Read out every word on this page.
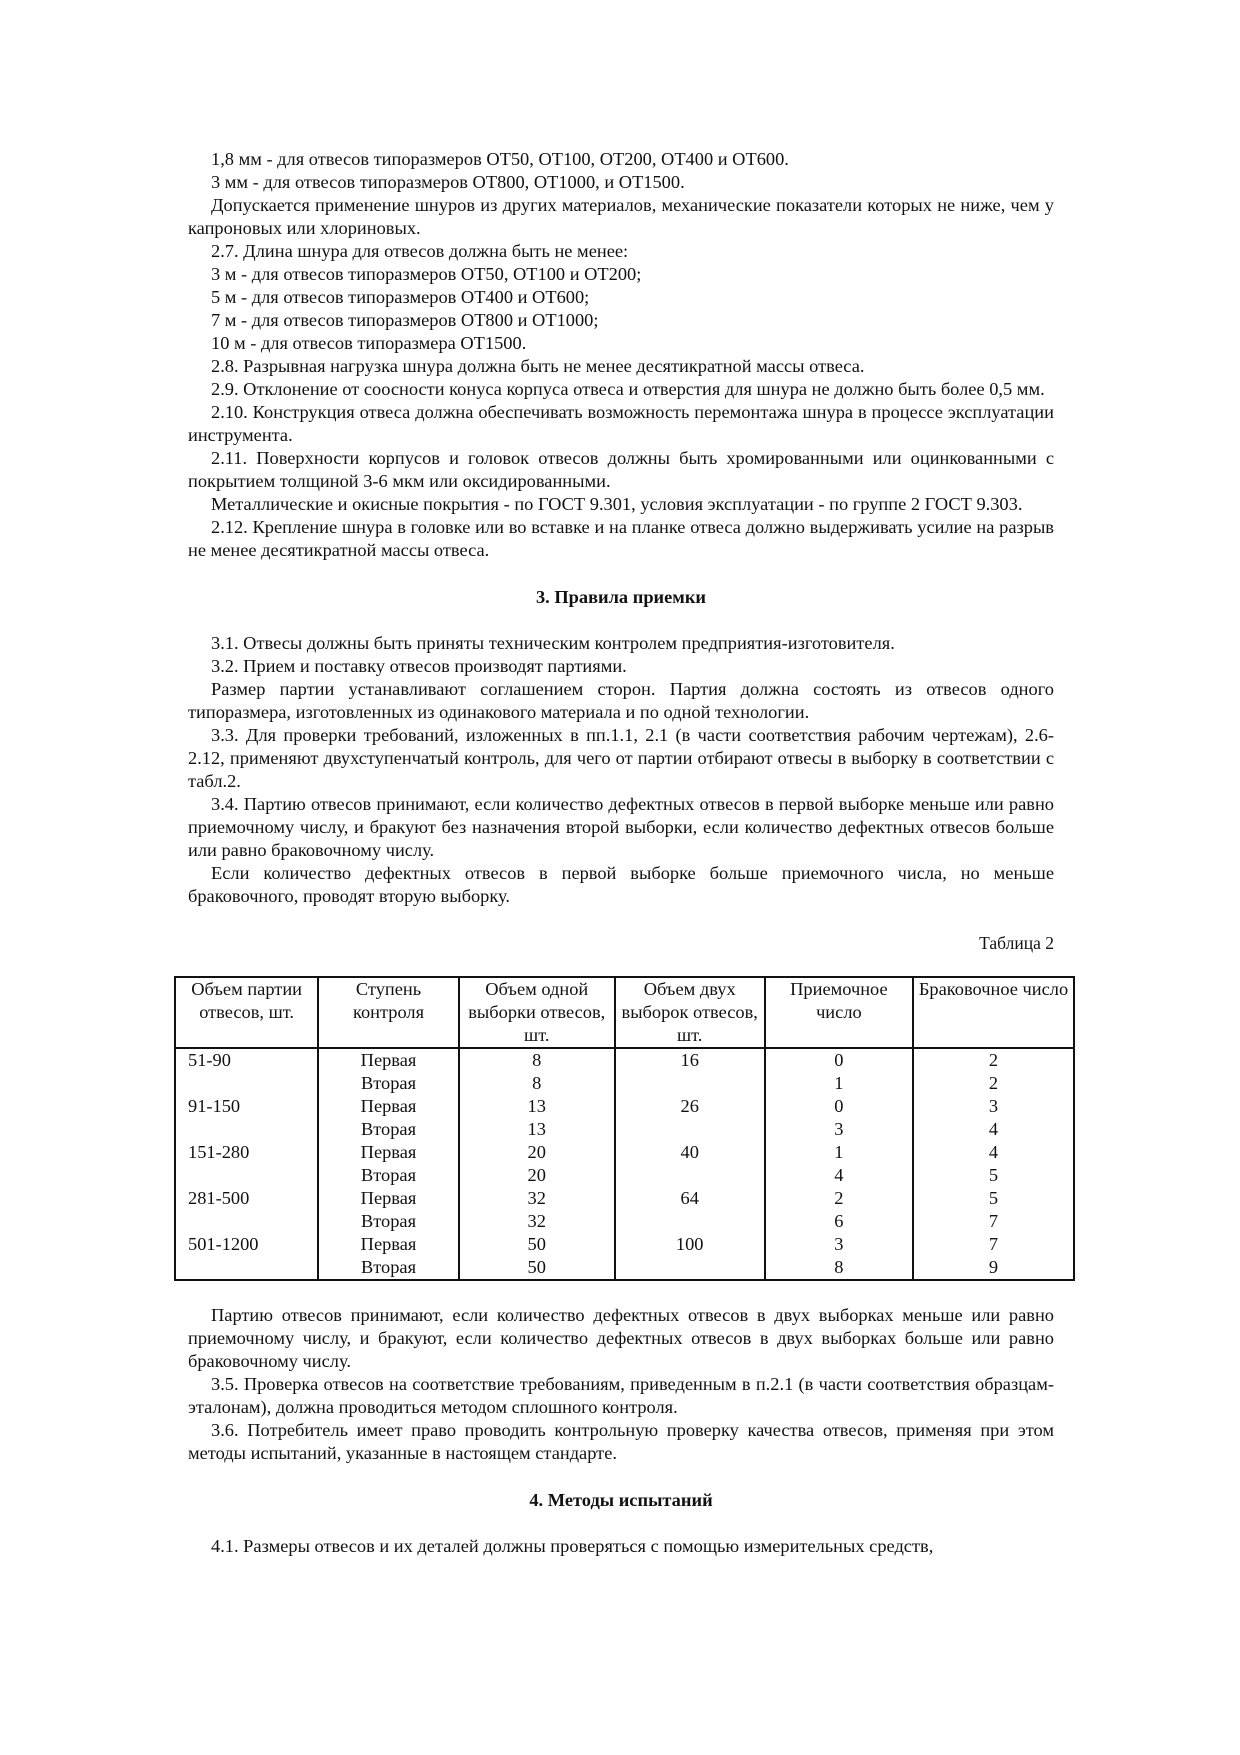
1,8 мм - для отвесов типоразмеров ОТ50, ОТ100, ОТ200, ОТ400 и ОТ600.

3 мм - для отвесов типоразмеров ОТ800, ОТ1000, и ОТ1500.

Допускается применение шнуров из других материалов, механические показатели которых не ниже, чем у капроновых или хлориновых.

2.7. Длина шнура для отвесов должна быть не менее:

3 м - для отвесов типоразмеров ОТ50, ОТ100 и ОТ200;

5 м - для отвесов типоразмеров ОТ400 и ОТ600;

7 м - для отвесов типоразмеров ОТ800 и ОТ1000;

10 м - для отвесов типоразмера ОТ1500.

2.8. Разрывная нагрузка шнура должна быть не менее десятикратной массы отвеса.

2.9. Отклонение от соосности конуса корпуса отвеса и отверстия для шнура не должно быть более 0,5 мм.

2.10. Конструкция отвеса должна обеспечивать возможность перемонтажа шнура в процессе эксплуатации инструмента.

2.11. Поверхности корпусов и головок отвесов должны быть хромированными или оцинкованными с покрытием толщиной 3-6 мкм или оксидированными.

Металлические и окисные покрытия - по ГОСТ 9.301, условия эксплуатации - по группе 2 ГОСТ 9.303.

2.12. Крепление шнура в головке или во вставке и на планке отвеса должно выдерживать усилие на разрыв не менее десятикратной массы отвеса.

3. Правила приемки

3.1. Отвесы должны быть приняты техническим контролем предприятия-изготовителя.

3.2. Прием и поставку отвесов производят партиями.

Размер партии устанавливают соглашением сторон. Партия должна состоять из отвесов одного типоразмера, изготовленных из одинакового материала и по одной технологии.

3.3. Для проверки требований, изложенных в пп.1.1, 2.1 (в части соответствия рабочим чертежам), 2.6-2.12, применяют двухступенчатый контроль, для чего от партии отбирают отвесы в выборку в соответствии с табл.2.

3.4. Партию отвесов принимают, если количество дефектных отвесов в первой выборке меньше или равно приемочному числу, и бракуют без назначения второй выборки, если количество дефектных отвесов больше или равно браковочному числу.

Если количество дефектных отвесов в первой выборке больше приемочного числа, но меньше браковочного, проводят вторую выборку.

Таблица 2
Объем партии отвесов, шт.	Ступень контроля	Объем одной выборки отвесов, шт.	Объем двух выборок отвесов, шт.	Приемочное число	Браковочное число
51-90	Первая	8	16	0	2
	Вторая	8		1	2
91-150	Первая	13	26	0	3
	Вторая	13		3	4
151-280	Первая	20	40	1	4
	Вторая	20		4	5
281-500	Первая	32	64	2	5
	Вторая	32		6	7
501-1200	Первая	50	100	3	7
	Вторая	50		8	9

Партию отвесов принимают, если количество дефектных отвесов в двух выборках меньше или равно приемочному числу, и бракуют, если количество дефектных отвесов в двух выборках больше или равно браковочному числу.

3.5. Проверка отвесов на соответствие требованиям, приведенным в п.2.1 (в части соответствия образцам-эталонам), должна проводиться методом сплошного контроля.

3.6. Потребитель имеет право проводить контрольную проверку качества отвесов, применяя при этом методы испытаний, указанные в настоящем стандарте.

4. Методы испытаний

4.1. Размеры отвесов и их деталей должны проверяться с помощью измерительных средств,
